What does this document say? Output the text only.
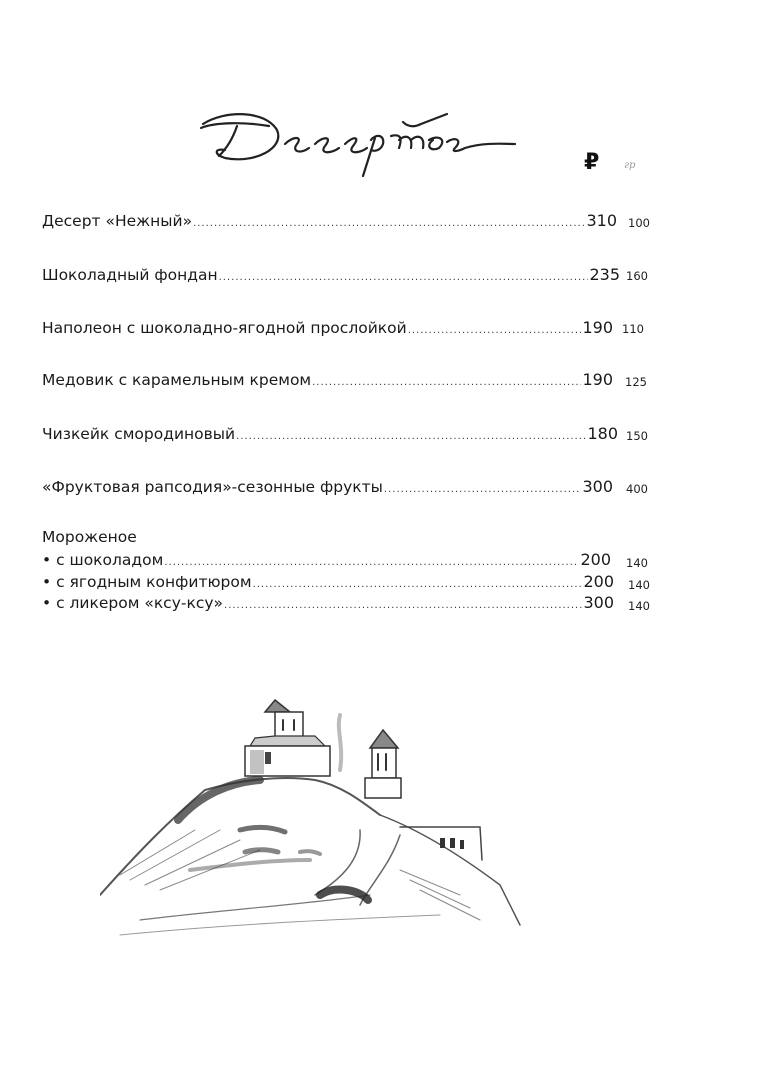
₽ гр
Десерт «Нежный» .....	310 100
Шоколадный фондан .....	235 160
Наполеон с шоколадно-ягодной прослойкой .....	190 110
Медовик с карамельным кремом .....	190 125
Чизкейк смородиновый .....	180 150
«Фруктовая рапсодия»-сезонные фрукты .....	300 400
Мороженое
• с шоколадом .....	200 140
• с ягодным конфитюром .....	200 140
• с ликером «ксу-ксу» .....	300 140
